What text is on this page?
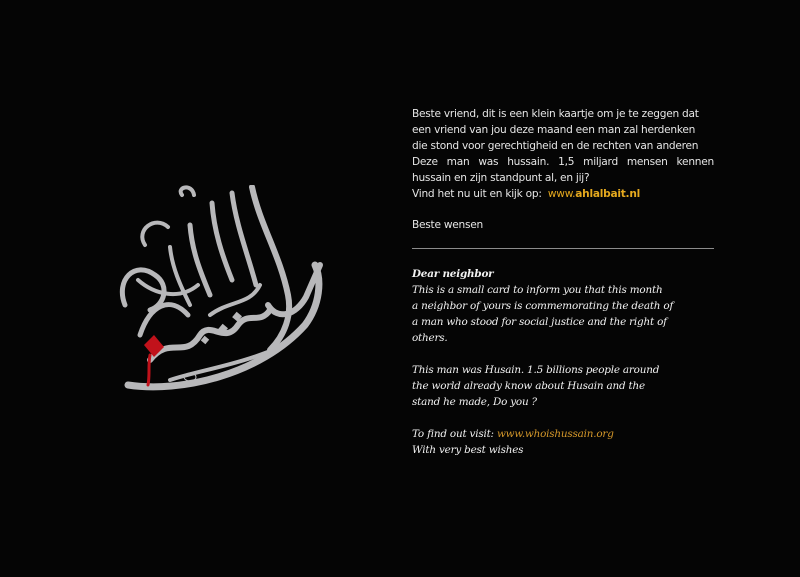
Beste vriend, dit is een klein kaartje om je te zeggen dat
een vriend van jou deze maand een man zal herdenken
die stond voor gerechtigheid en de rechten van anderen
Deze man was hussain. 1,5 miljard mensen kennen
hussain en zijn standpunt al, en jij?
Vind het nu uit en kijk op: www.ahlalbait.nl
Beste wensen
Dear neighbor
This is a small card to inform you that this month
a neighbor of yours is commemorating the death of
a man who stood for social justice and the right of
others.
This man was Husain. 1.5 billions people around
the world already know about Husain and the
stand he made, Do you ?
To find out visit: www.whoishussain.org
With very best wishes
